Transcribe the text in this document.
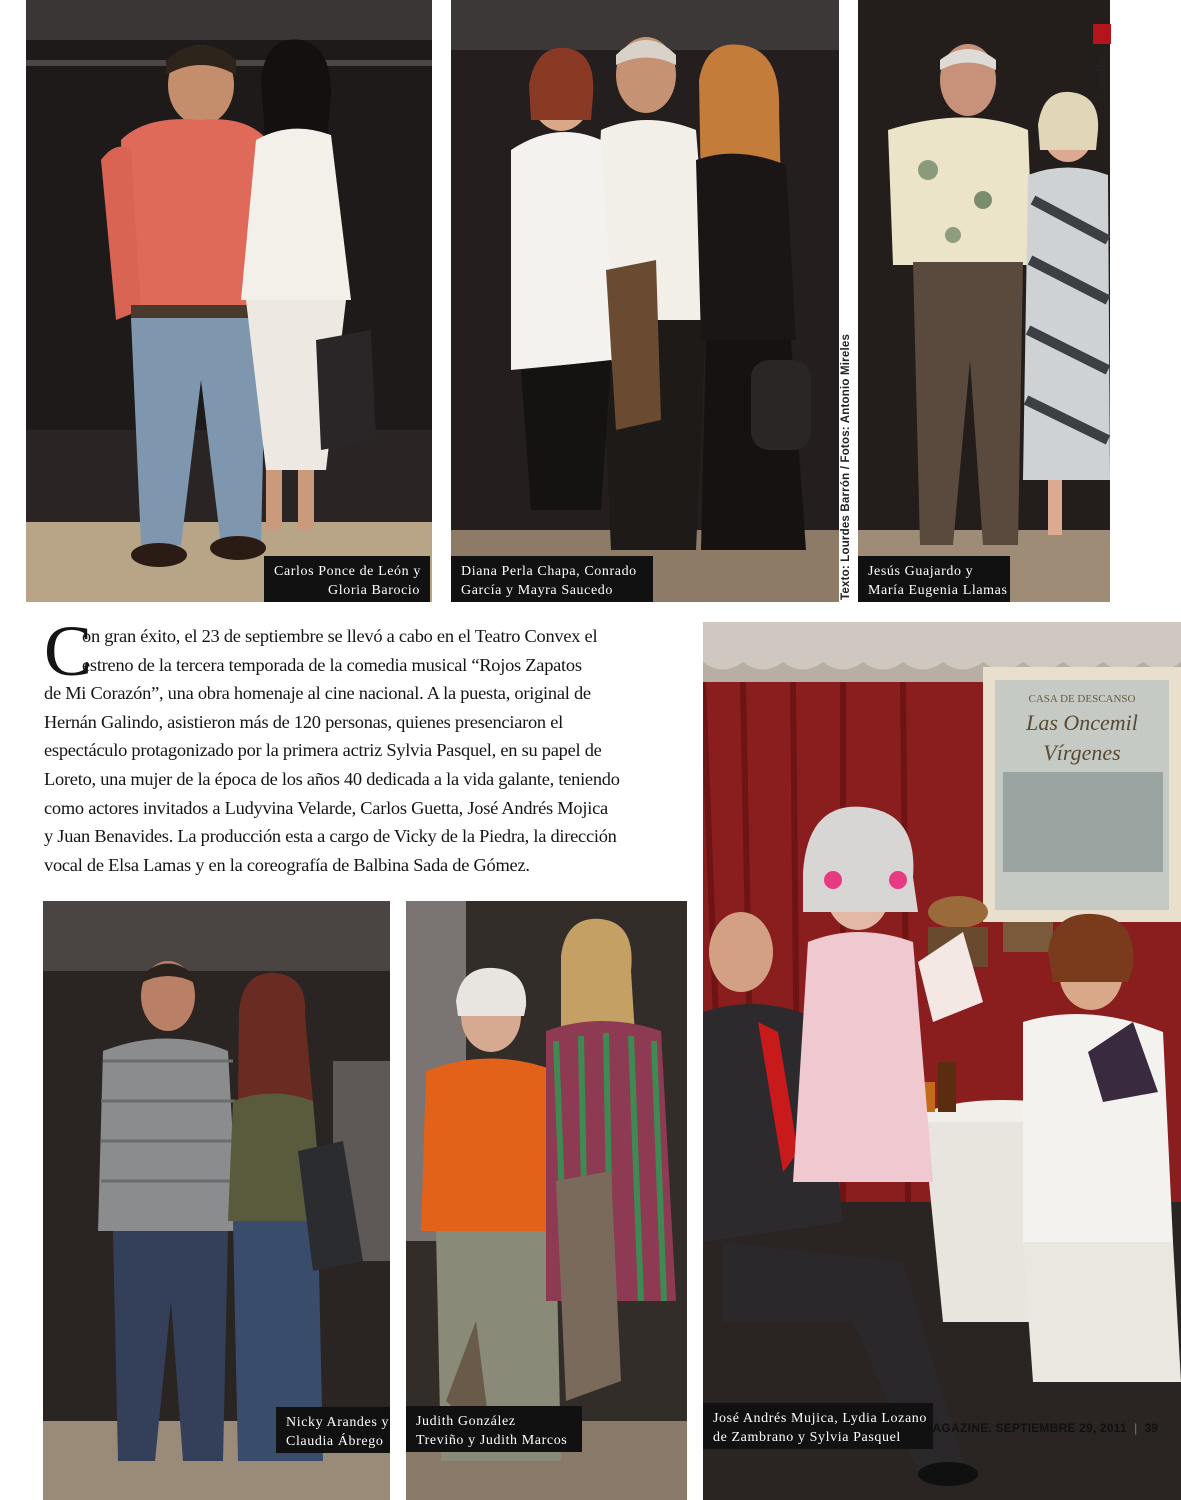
Carlos Ponce de León y
Gloria Barocio
Diana Perla Chapa, Conrado
García y Mayra Saucedo
Jesús Guajardo y
María Eugenia Llamas
Eventos
Texto: Lourdes Barrón / Fotos: Antonio Mireles
C
on gran éxito, el 23 de septiembre se llevó a cabo en el Teatro Convex el
estreno de la tercera temporada de la comedia musical “Rojos Zapatos
de Mi Corazón”, una obra homenaje al cine nacional. A la puesta, original de
Hernán Galindo, asistieron más de 120 personas, quienes presenciaron el
espectáculo protagonizado por la primera actriz Sylvia Pasquel, en su papel de
Loreto, una mujer de la época de los años 40 dedicada a la vida galante, teniendo
como actores invitados a Ludyvina Velarde, Carlos Guetta, José Andrés Mojica
y Juan Benavides. La producción esta a cargo de Vicky de la Piedra, la dirección
vocal de Elsa Lamas y en la coreografía de Balbina Sada de Gómez.
Nicky Arandes y
Claudia Ábrego
Judith González
Treviño y Judith Marcos
CASA DE DESCANSO
Las Oncemil
Vírgenes
José Andrés Mujica, Lydia Lozano
de Zambrano y Sylvia Pasquel
CHIC MAGAZINE. SEPTIEMBRE 29, 2011 | 39
